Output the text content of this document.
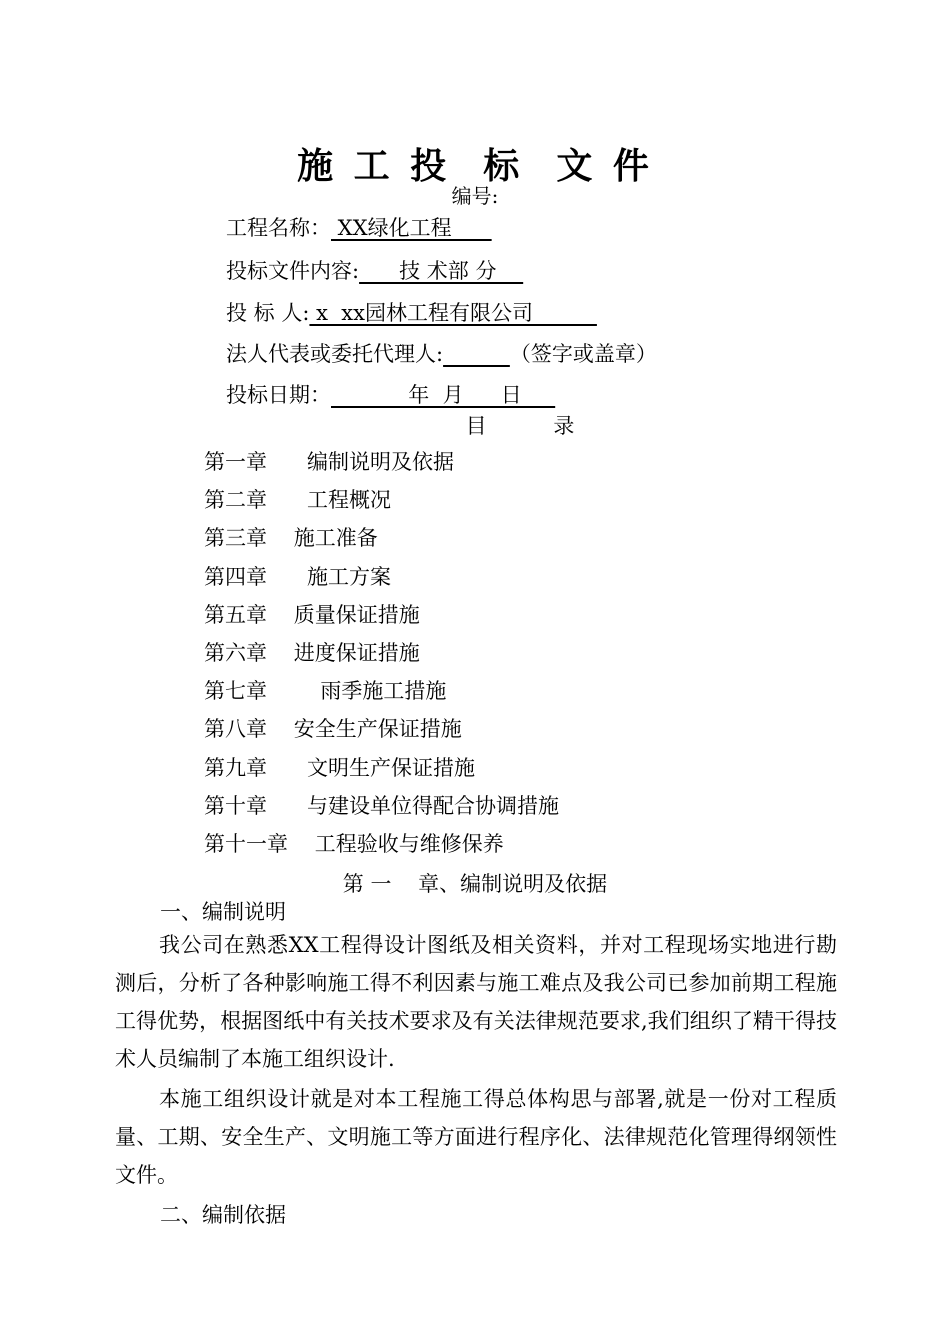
施 工 投  标  文 件
编号:
工程名称： XX绿化工程
投标文件内容:      技 术部 分
投 标 人: x  xx园林工程有限公司 _
法人代表或委托代理人:	（签字或盖章）
投标日期：  _        年  月  _  日
目          录
第一章      编制说明及依据
第二章      工程概况
第三章    施工准备
第四章      施工方案
第五章    质量保证措施
第六章    进度保证措施
第七章        雨季施工措施
第八章    安全生产保证措施
第九章      文明生产保证措施
第十章      与建设单位得配合协调措施
第十一章    工程验收与维修保养
第 一    章、编制说明及依据
一、编制说明

我公司在熟悉XX工程得设计图纸及相关资料，并对工程现场实地进行勘测后，分析了各种影响施工得不利因素与施工难点及我公司已参加前期工程施工得优势，根据图纸中有关技术要求及有关法律规范要求,我们组织了精干得技术人员编制了本施工组织设计.

本施工组织设计就是对本工程施工得总体构思与部署,就是一份对工程质量、工期、安全生产、文明施工等方面进行程序化、法律规范化管理得纲领性文件。

二、编制依据
